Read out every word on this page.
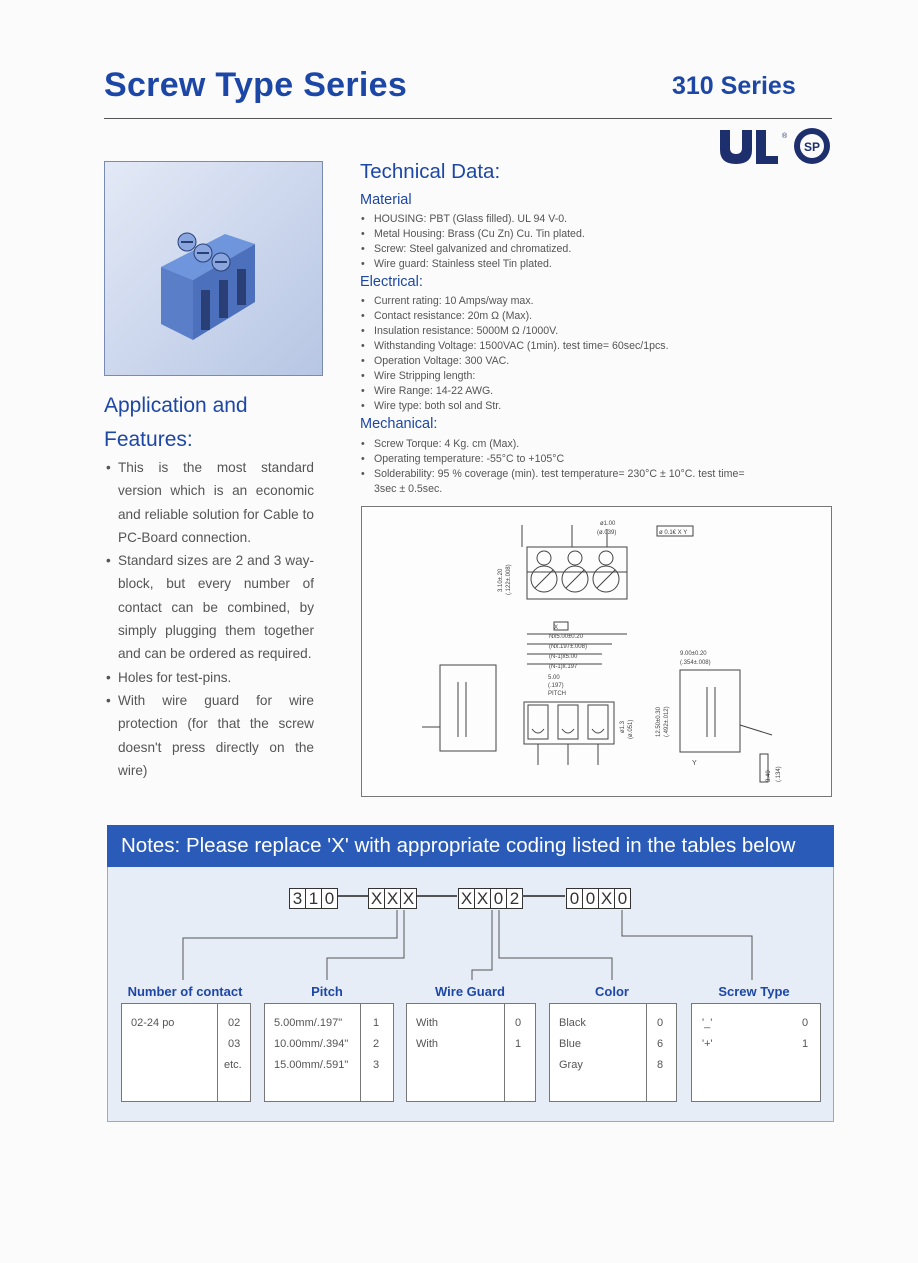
Screw Type Series	310 Series
®
SP
Application and
Features:
• This is the most standard version which is an economic and reliable solution for Cable to PC-Board connection.
• Standard sizes are 2 and 3 way-block, but every number of contact can be combined, by simply plugging them together and can be ordered as required.
• Holes for test-pins.
• With wire guard for wire protection (for that the screw doesn't press directly on the wire)
Technical Data:
Material
• HOUSING: PBT (Glass filled). UL 94 V-0.
• Metal Housing: Brass (Cu Zn) Cu. Tin plated.
• Screw: Steel galvanized and chromatized.
• Wire guard: Stainless steel Tin plated.
Electrical:
• Current rating: 10 Amps/way max.
• Contact resistance: 20m Ω (Max).
• Insulation resistance: 5000M Ω /1000V.
• Withstanding Voltage: 1500VAC (1min). test time= 60sec/1pcs.
• Operation Voltage: 300 VAC.
• Wire Stripping length:
• Wire Range: 14-22 AWG.
• Wire type: both sol and Str.
Mechanical:
• Screw Torque: 4 Kg. cm (Max).
• Operating temperature: -55°C to +105°C
• Solderability: 95 % coverage (min). test temperature= 230°C ± 10°C. test time= 3sec ± 0.5sec.
ø1.00
(ø.039)	ø 0.1€ X Y
3.10±.20 (.122±.008)
X
Nx5.00±0.20
(Nx.197±.008)
(N-1)x5.00
(N-1)x.197
5.00
(.197)
PITCH
9.00±0.20
(.354±.008)
ø1.3 (ø.051)	12.50±0.30 (.492±.012)
Y
3.40 (.134)
Notes: Please replace 'X' with appropriate coding listed in the tables below
3 1 0 X X X	X X 0 2	0 0 X 0
Number of contact	Pitch	Wire Guard	Color	Screw Type
02-24 po	02
03
etc.
5.00mm/.197"	1
10.00mm/.394" 2
15.00mm/.591" 3
With	0
With	1
Black	0
Blue	6
Gray	8
'_'	0
'+'	1
